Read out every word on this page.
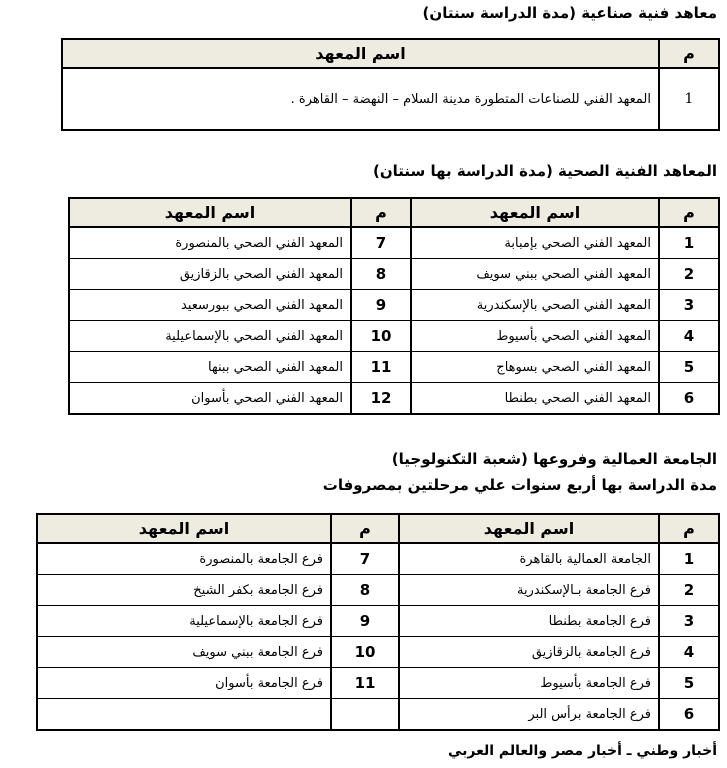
معاهد فنية صناعية (مدة الدراسة سنتان)
م	اسم المعهد
1	المعهد الفني للصناعات المتطورة مدينة السلام – النهضة – القاهرة .
المعاهد الفنية الصحية (مدة الدراسة بها سنتان)
م	اسم المعهد	م	اسم المعهد
1	المعهد الفني الصحي بإمبابة	7	المعهد الفني الصحي بالمنصورة
2	المعهد الفني الصحي ببني سويف	8	المعهد الفني الصحي بالزقازيق
3	المعهد الفني الصحي بالإسكندرية	9	المعهد الفني الصحي ببورسعيد
4	المعهد الفني الصحي بأسيوط	10	المعهد الفني الصحي بالإسماعيلية
5	المعهد الفني الصحي بسوهاج	11	المعهد الفني الصحي ببنها
6	المعهد الفني الصحي بطنطا	12	المعهد الفني الصحي بأسوان
الجامعة العمالية وفروعها (شعبة التكنولوجيا)
مدة الدراسة بها أربع سنوات علي مرحلتين بمصروفات
م	اسم المعهد	م	اسم المعهد
1	الجامعة العمالية بالقاهرة	7	فرع الجامعة بالمنصورة
2	فرع الجامعة بـالإسكندرية	8	فرع الجامعة بكفر الشيخ
3	فرع الجامعة بطنطا	9	فرع الجامعة بالإسماعيلية
4	فرع الجامعة بالزقازيق	10	فرع الجامعة ببني سويف
5	فرع الجامعة بأسيوط	11	فرع الجامعة بأسوان
6	فرع الجامعة برأس البر		
أخبار وطني ـ أخبار مصر والعالم العربي
